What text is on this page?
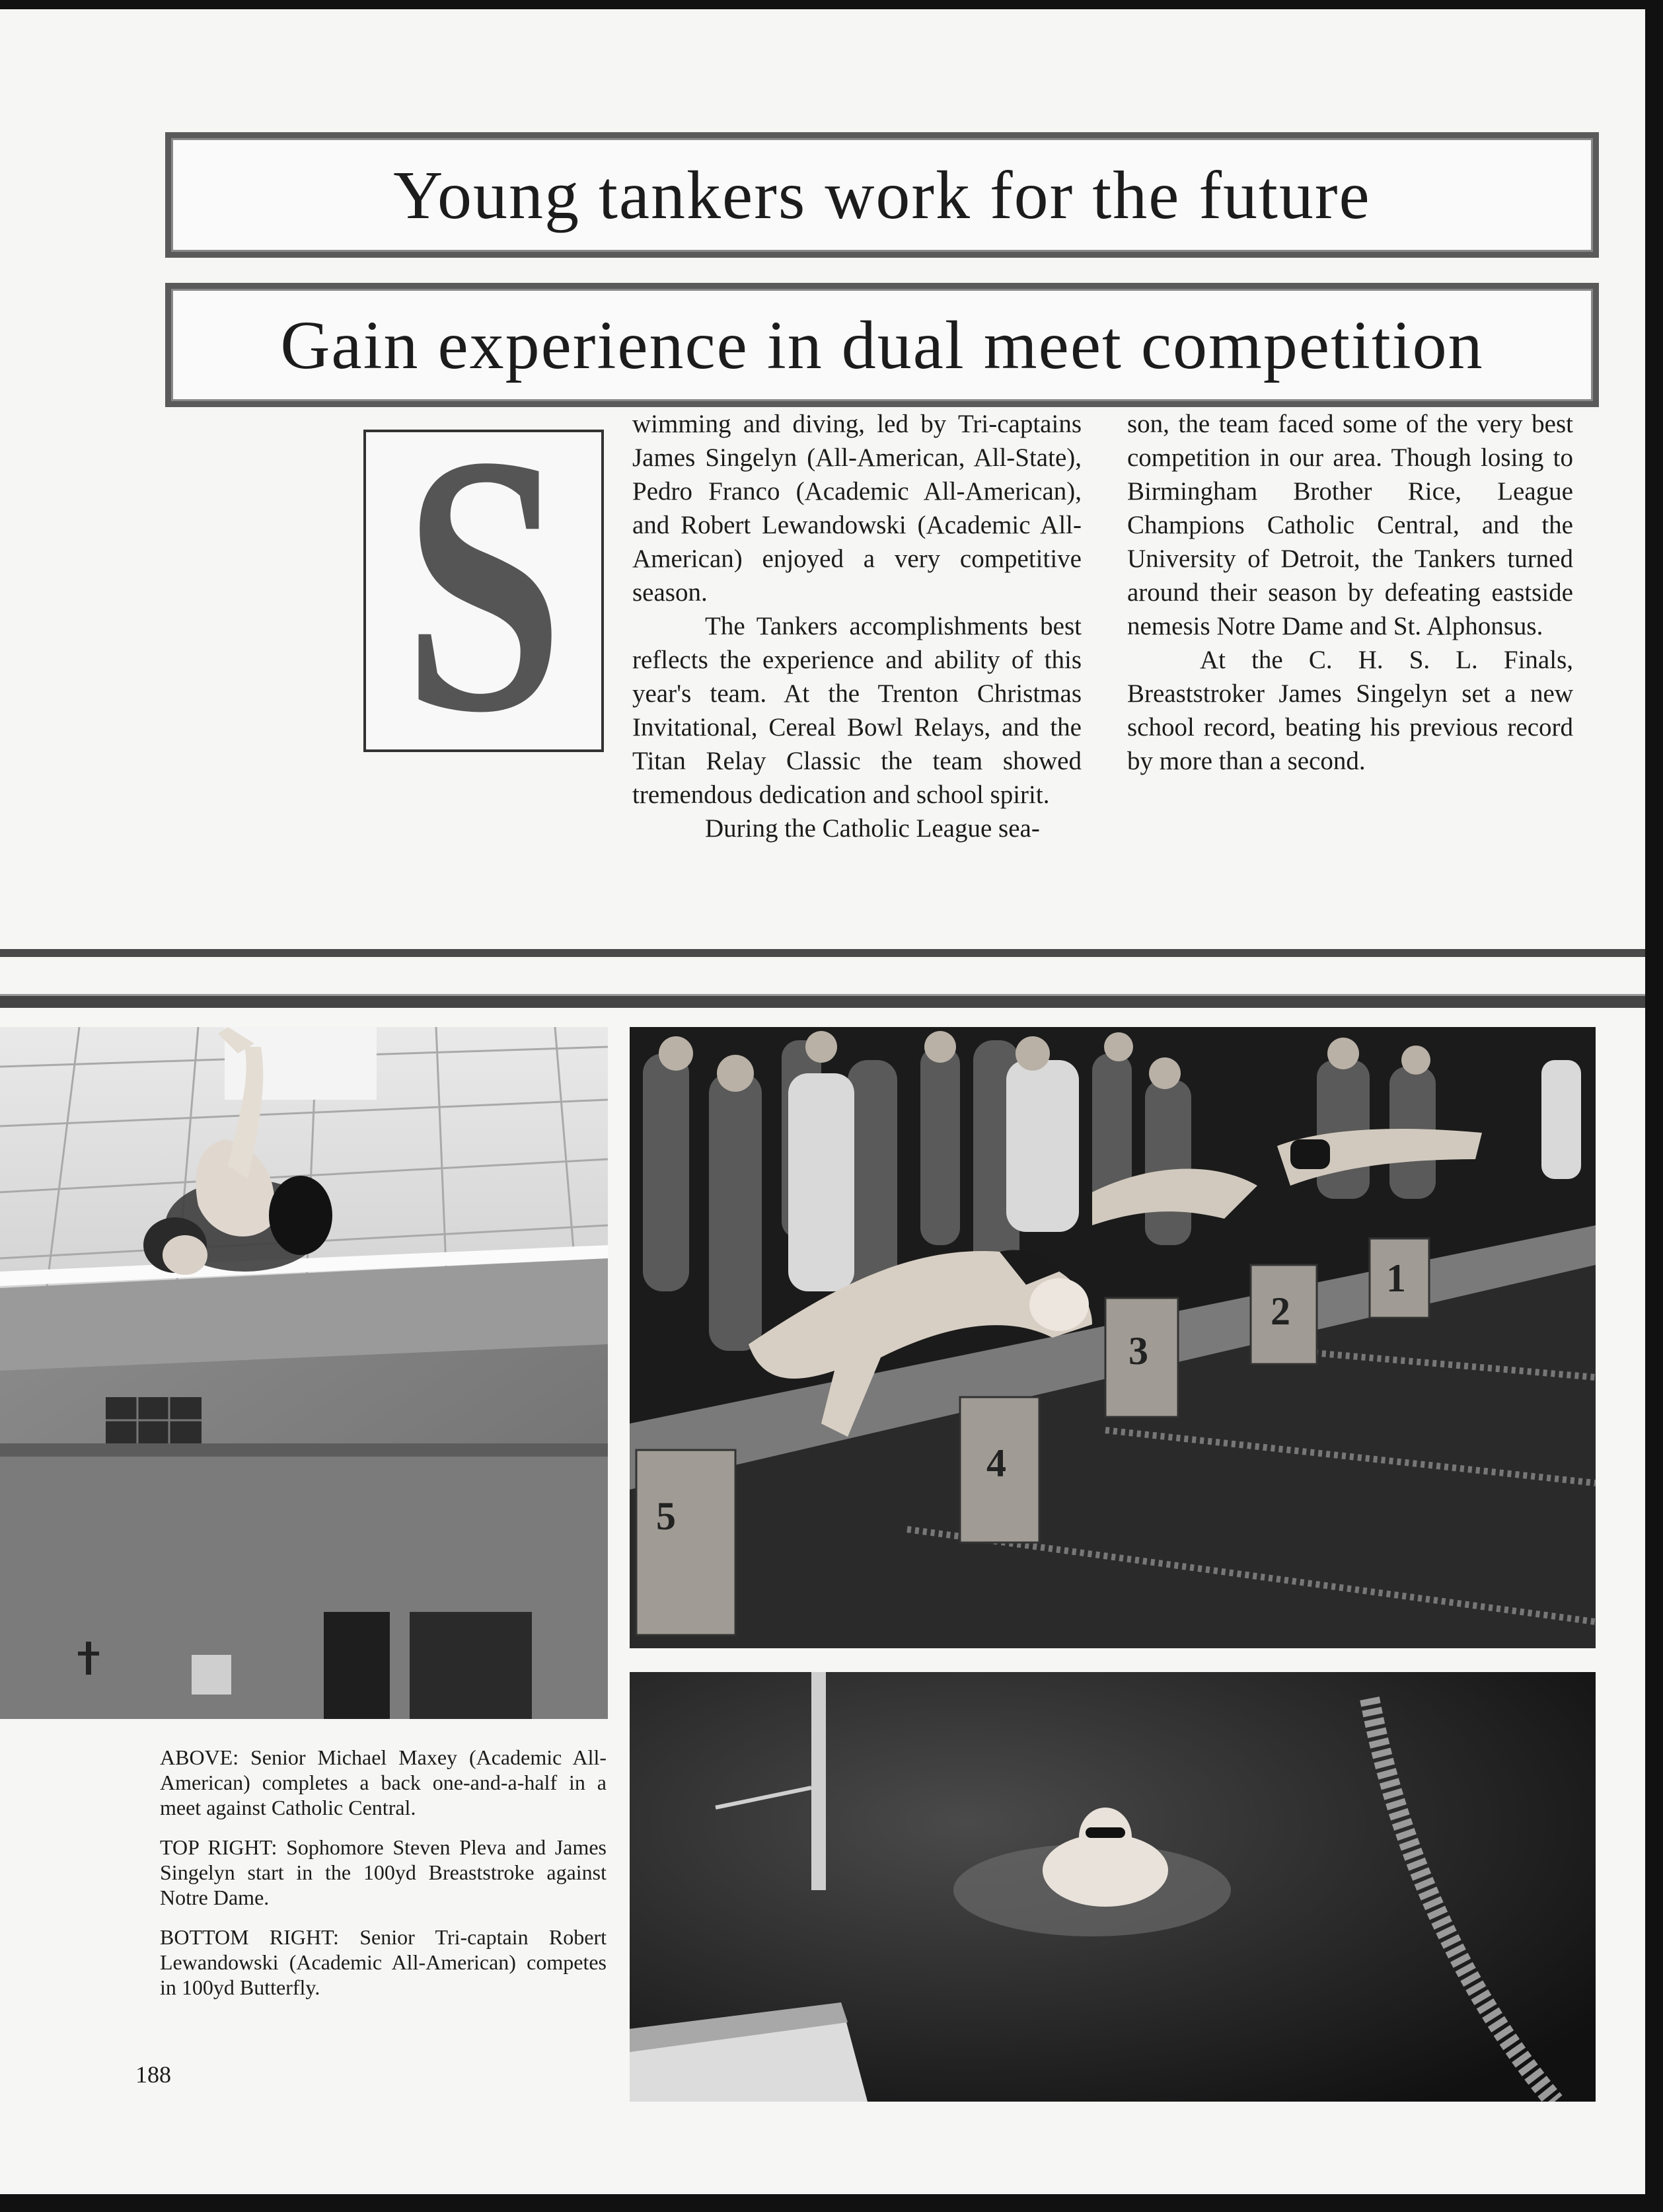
Young tankers work for the future
Gain experience in dual meet competition
S	wimming and diving, led by Tri-captains James Singelyn (All-American, All-State), Pedro Franco (Academic All-American), and Robert Lewandowski (Academic All-American) enjoyed a very competitive season.

The Tankers accomplishments best reflects the experience and ability of this year's team. At the Trenton Christmas Invitational, Cereal Bowl Relays, and the Titan Relay Classic the team showed tremendous dedication and school spirit.

During the Catholic League sea-

son, the team faced some of the very best competition in our area. Though losing to Birmingham Brother Rice, League Champions Catholic Central, and the University of Detroit, the Tankers turned around their season by defeating eastside nemesis Notre Dame and St. Alphonsus.

At the C. H. S. L. Finals, Breaststroker James Singelyn set a new school record, beating his previous record by more than a second.

5
4
3
2
1

ABOVE: Senior Michael Maxey (Academic All-American) completes a back one-and-a-half in a meet against Catholic Central.

TOP RIGHT: Sophomore Steven Pleva and James Singelyn start in the 100yd Breaststroke against Notre Dame.

BOTTOM RIGHT: Senior Tri-captain Robert Lewandowski (Academic All-American) competes in 100yd Butterfly.

188
